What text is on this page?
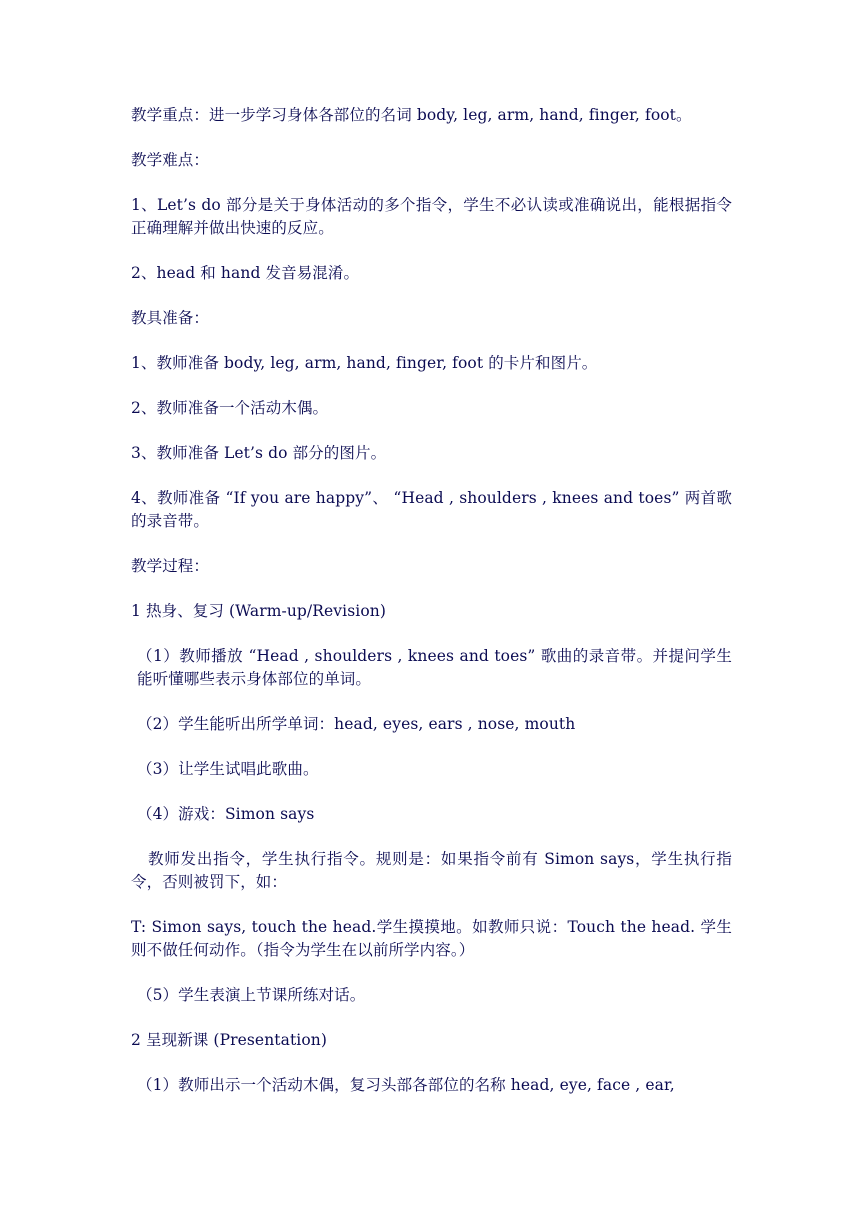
教学重点：进一步学习身体各部位的名词 body, leg, arm, hand, finger, foot。

教学难点：

1、Let’s do 部分是关于身体活动的多个指令，学生不必认读或准确说出，能根据指令正确理解并做出快速的反应。

2、head 和 hand 发音易混淆。

教具准备：

1、教师准备 body, leg, arm, hand, finger, foot 的卡片和图片。

2、教师准备一个活动木偶。

3、教师准备 Let’s do 部分的图片。

4、教师准备 “If you are happy”、 “Head , shoulders , knees and toes” 两首歌的录音带。

教学过程：

1 热身、复习 (Warm-up/Revision)

（1）教师播放 “Head , shoulders , knees and toes” 歌曲的录音带。并提问学生能听懂哪些表示身体部位的单词。

（2）学生能听出所学单词：head, eyes, ears , nose, mouth

（3）让学生试唱此歌曲。

（4）游戏：Simon says

教师发出指令，学生执行指令。规则是：如果指令前有 Simon says，学生执行指令，否则被罚下，如：

T: Simon says, touch the head.学生摸摸地。如教师只说：Touch the head. 学生则不做任何动作。（指令为学生在以前所学内容。）

（5）学生表演上节课所练对话。

2 呈现新课 (Presentation)

（1）教师出示一个活动木偶，复习头部各部位的名称 head, eye, face , ear,
